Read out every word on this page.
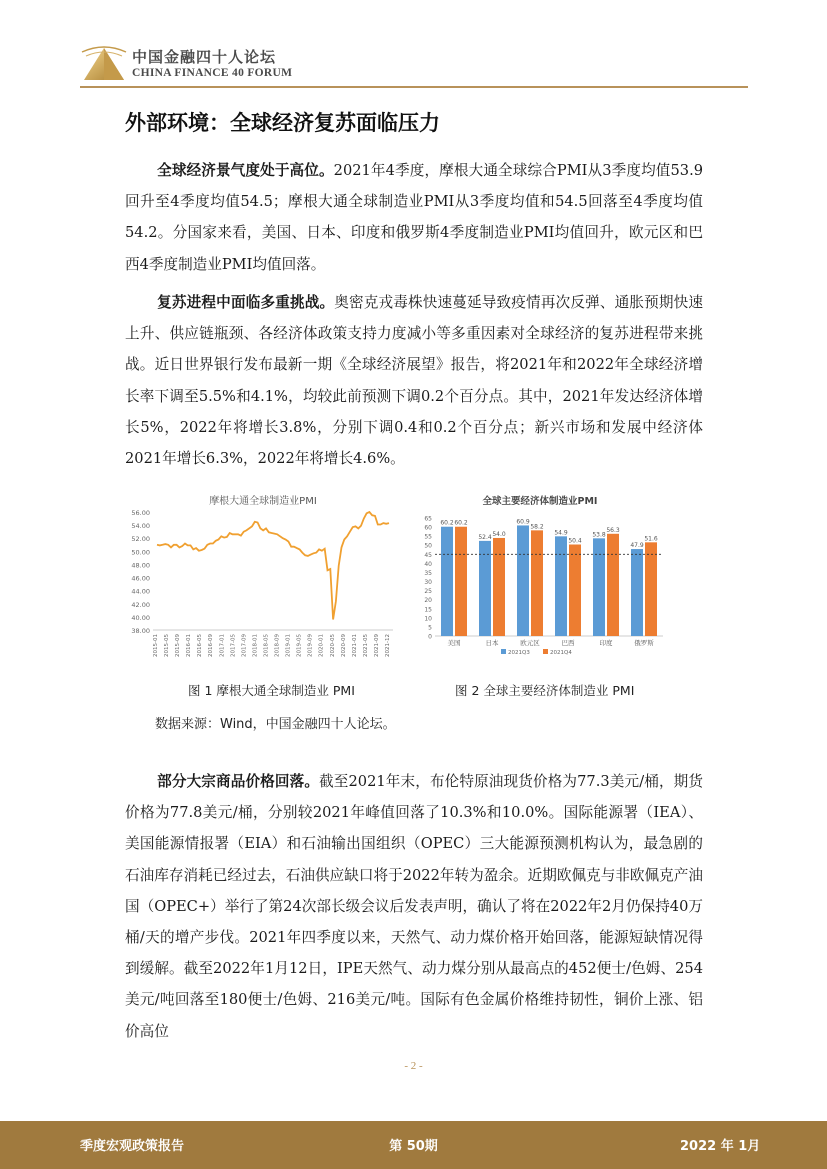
中国金融四十人论坛
CHINA FINANCE 40 FORUM
外部环境：全球经济复苏面临压力
全球经济景气度处于高位。2021年4季度，摩根大通全球综合PMI从3季度均值53.9回升至4季度均值54.5；摩根大通全球制造业PMI从3季度均值和54.5回落至4季度均值54.2。分国家来看，美国、日本、印度和俄罗斯4季度制造业PMI均值回升，欧元区和巴西4季度制造业PMI均值回落。
复苏进程中面临多重挑战。奥密克戎毒株快速蔓延导致疫情再次反弹、通胀预期快速上升、供应链瓶颈、各经济体政策支持力度减小等多重因素对全球经济的复苏进程带来挑战。近日世界银行发布最新一期《全球经济展望》报告，将2021年和2022年全球经济增长率下调至5.5%和4.1%，均较此前预测下调0.2个百分点。其中，2021年发达经济体增长5%，2022年将增长3.8%，分别下调0.4和0.2个百分点；新兴市场和发展中经济体2021年增长6.3%，2022年将增长4.6%。
摩根大通全球制造业PMI
56.00
54.00
52.00
50.00
48.00
46.00
44.00
42.00
40.00
38.00
2015-01 2015-05 2015-09 2016-01 2016-05 2016-09 2017-01 2017-05 2017-09 2018-01 2018-05 2018-09 2019-01 2019-05 2019-09 2020-01 2020-05 2020-09 2021-01 2021-05 2021-09 2021-12
全球主要经济体制造业PMI
0
5
10
15
20
25
30
35
40
45
50
55
60
65
60.2 60.2
美国
52.4 54.0
日本
60.9
58.2
欧元区
54.9
50.4
巴西
53.8
56.3
印度
47.9
51.6
俄罗斯
2021Q3	2021Q4
图 1 摩根大通全球制造业 PMI	图 2 全球主要经济体制造业 PMI
数据来源：Wind，中国金融四十人论坛。
部分大宗商品价格回落。截至2021年末，布伦特原油现货价格为77.3美元/桶，期货价格为77.8美元/桶，分别较2021年峰值回落了10.3%和10.0%。国际能源署（IEA）、美国能源情报署（EIA）和石油输出国组织（OPEC）三大能源预测机构认为，最急剧的石油库存消耗已经过去，石油供应缺口将于2022年转为盈余。近期欧佩克与非欧佩克产油国（OPEC+）举行了第24次部长级会议后发表声明，确认了将在2022年2月仍保持40万桶/天的增产步伐。2021年四季度以来，天然气、动力煤价格开始回落，能源短缺情况得到缓解。截至2022年1月12日，IPE天然气、动力煤分别从最高点的452便士/色姆、254美元/吨回落至180便士/色姆、216美元/吨。国际有色金属价格维持韧性，铜价上涨、铝价高位
- 2 -
季度宏观政策报告	第 50期	2022 年 1月
